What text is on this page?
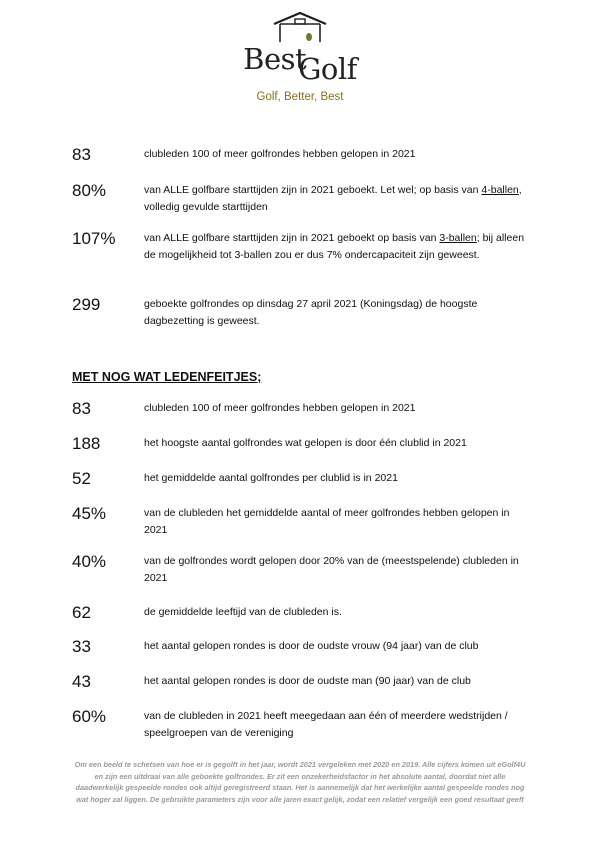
BestGolf
Golf, Better, Best
83	clubleden 100 of meer golfrondes hebben gelopen in 2021
80%	van ALLE golfbare starttijden zijn in 2021 geboekt. Let wel; op basis van 4-ballen, volledig gevulde starttijden
107%	van ALLE golfbare starttijden zijn in 2021 geboekt op basis van 3-ballen; bij alleen de mogelijkheid tot 3-ballen zou er dus 7% ondercapaciteit zijn geweest.
299	geboekte golfrondes op dinsdag 27 april 2021 (Koningsdag) de hoogste dagbezetting is geweest.
MET NOG WAT LEDENFEITJES;
83	clubleden 100 of meer golfrondes hebben gelopen in 2021
188	het hoogste aantal golfrondes wat gelopen is door één clublid in 2021
52	het gemiddelde aantal golfrondes per clublid is in 2021
45%	van de clubleden het gemiddelde aantal of meer golfrondes hebben gelopen in 2021
40%	van de golfrondes wordt gelopen door 20% van de (meestspelende) clubleden in 2021
62	de gemiddelde leeftijd van de clubleden is.
33	het aantal gelopen rondes is door de oudste vrouw (94 jaar) van de club
43	het aantal gelopen rondes is door de oudste man (90 jaar) van de club
60%	van de clubleden in 2021 heeft meegedaan aan één of meerdere wedstrijden / speelgroepen van de vereniging
Om een beeld te schetsen van hoe er is gegolft in het jaar, wordt 2021 vergeleken met 2020 en 2019. Alle cijfers komen uit eGolf4U en zijn een uitdraai van alle geboekte golfrondes. Er zit een onzekerheidsfactor in het absolute aantal, doordat niet alle daadwerkelijk gespeelde rondes ook altijd geregistreerd staan. Het is aannemelijk dat het werkelijke aantal gespeelde rondes nog wat hoger zal liggen. De gebruikte parameters zijn voor alle jaren exact gelijk, zodat een relatief vergelijk een goed resultaat geeft
